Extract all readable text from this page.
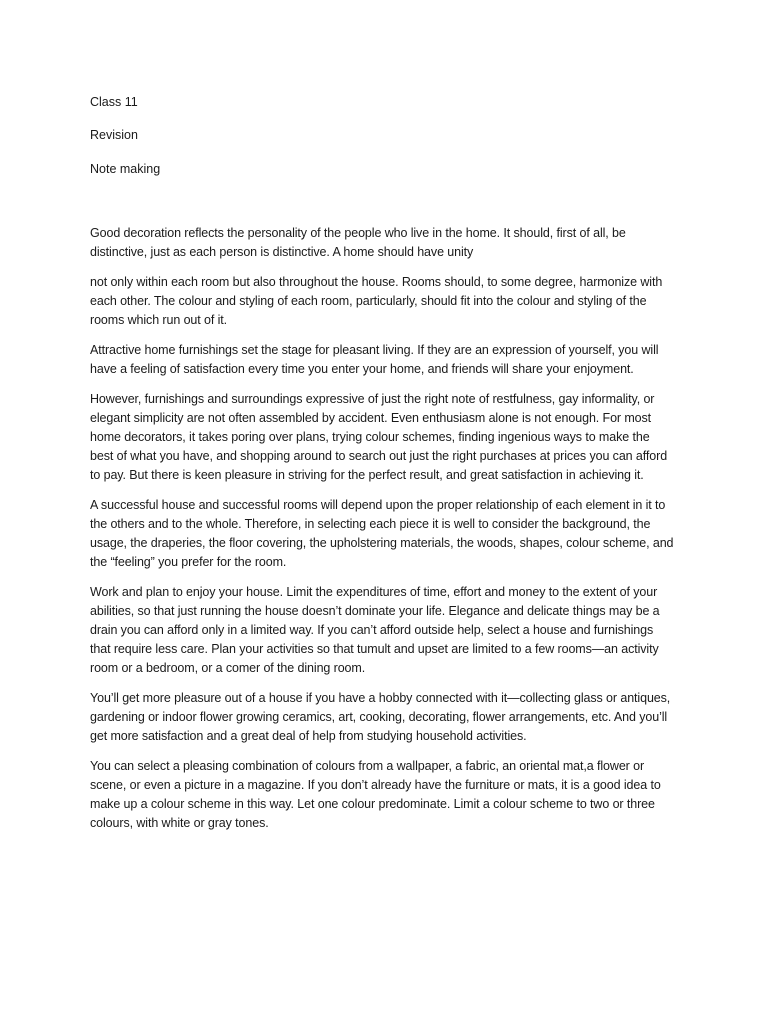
Class 11

Revision

Note making

Good decoration reflects the personality of the people who live in the home. It should, first of all, be distinctive, just as each person is distinctive. A home should have unity

not only within each room but also throughout the house. Rooms should, to some degree, harmonize with each other. The colour and styling of each room, particularly, should fit into the colour and styling of the rooms which run out of it.

Attractive home furnishings set the stage for pleasant living. If they are an expression of yourself, you will have a feeling of satisfaction every time you enter your home, and friends will share your enjoyment.

However, furnishings and surroundings expressive of just the right note of restfulness, gay informality, or elegant simplicity are not often assembled by accident. Even enthusiasm alone is not enough. For most home decorators, it takes poring over plans, trying colour schemes, finding ingenious ways to make the best of what you have, and shopping around to search out just the right purchases at prices you can afford to pay. But there is keen pleasure in striving for the perfect result, and great satisfaction in achieving it.

A successful house and successful rooms will depend upon the proper relationship of each element in it to the others and to the whole. Therefore, in selecting each piece it is well to consider the background, the usage, the draperies, the floor covering, the upholstering materials, the woods, shapes, colour scheme, and the “feeling” you prefer for the room.

Work and plan to enjoy your house. Limit the expenditures of time, effort and money to the extent of your abilities, so that just running the house doesn’t dominate your life. Elegance and delicate things may be a drain you can afford only in a limited way. If you can’t afford outside help, select a house and furnishings that require less care. Plan your activities so that tumult and upset are limited to a few rooms—an activity room or a bedroom, or a comer of the dining room.

You’ll get more pleasure out of a house if you have a hobby connected with it—collecting glass or antiques, gardening or indoor flower growing ceramics, art, cooking, decorating, flower arrangements, etc. And you’ll get more satisfaction and a great deal of help from studying household activities.

You can select a pleasing combination of colours from a wallpaper, a fabric, an oriental mat,a flower or scene, or even a picture in a magazine. If you don’t already have the furniture or mats, it is a good idea to make up a colour scheme in this way. Let one colour predominate. Limit a colour scheme to two or three colours, with white or gray tones.
